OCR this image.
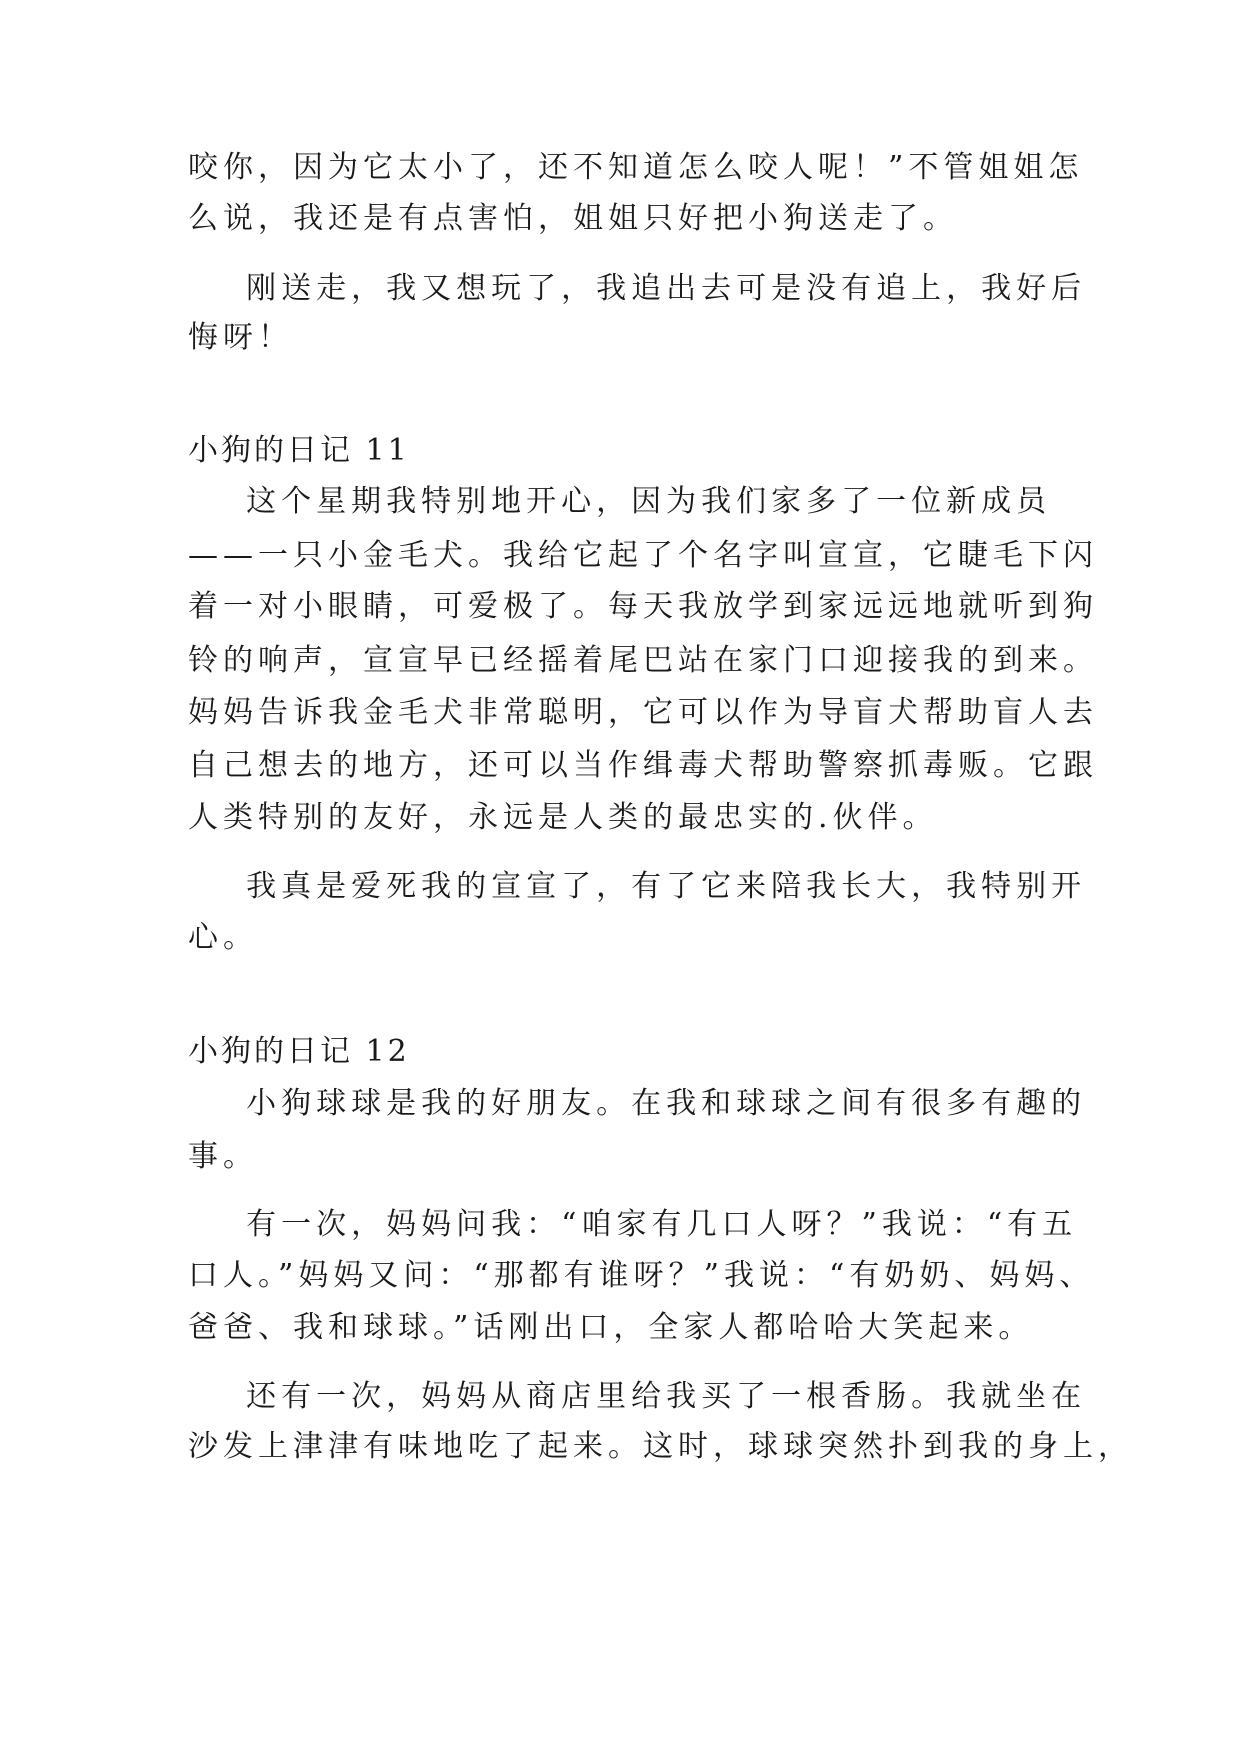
咬你，因为它太小了，还不知道怎么咬人呢！”不管姐姐怎
么说，我还是有点害怕，姐姐只好把小狗送走了。
刚送走，我又想玩了，我追出去可是没有追上，我好后
悔呀！
小狗的日记 11
这个星期我特别地开心，因为我们家多了一位新成员
——一只小金毛犬。我给它起了个名字叫宣宣，它睫毛下闪
着一对小眼睛，可爱极了。每天我放学到家远远地就听到狗
铃的响声，宣宣早已经摇着尾巴站在家门口迎接我的到来。
妈妈告诉我金毛犬非常聪明，它可以作为导盲犬帮助盲人去
自己想去的地方，还可以当作缉毒犬帮助警察抓毒贩。它跟
人类特别的友好，永远是人类的最忠实的.伙伴。
我真是爱死我的宣宣了，有了它来陪我长大，我特别开
心。
小狗的日记 12
小狗球球是我的好朋友。在我和球球之间有很多有趣的
事。
有一次，妈妈问我：“咱家有几口人呀？”我说：“有五
口人。”妈妈又问：“那都有谁呀？”我说：“有奶奶、妈妈、
爸爸、我和球球。”话刚出口，全家人都哈哈大笑起来。
还有一次，妈妈从商店里给我买了一根香肠。我就坐在
沙发上津津有味地吃了起来。这时，球球突然扑到我的身上，
